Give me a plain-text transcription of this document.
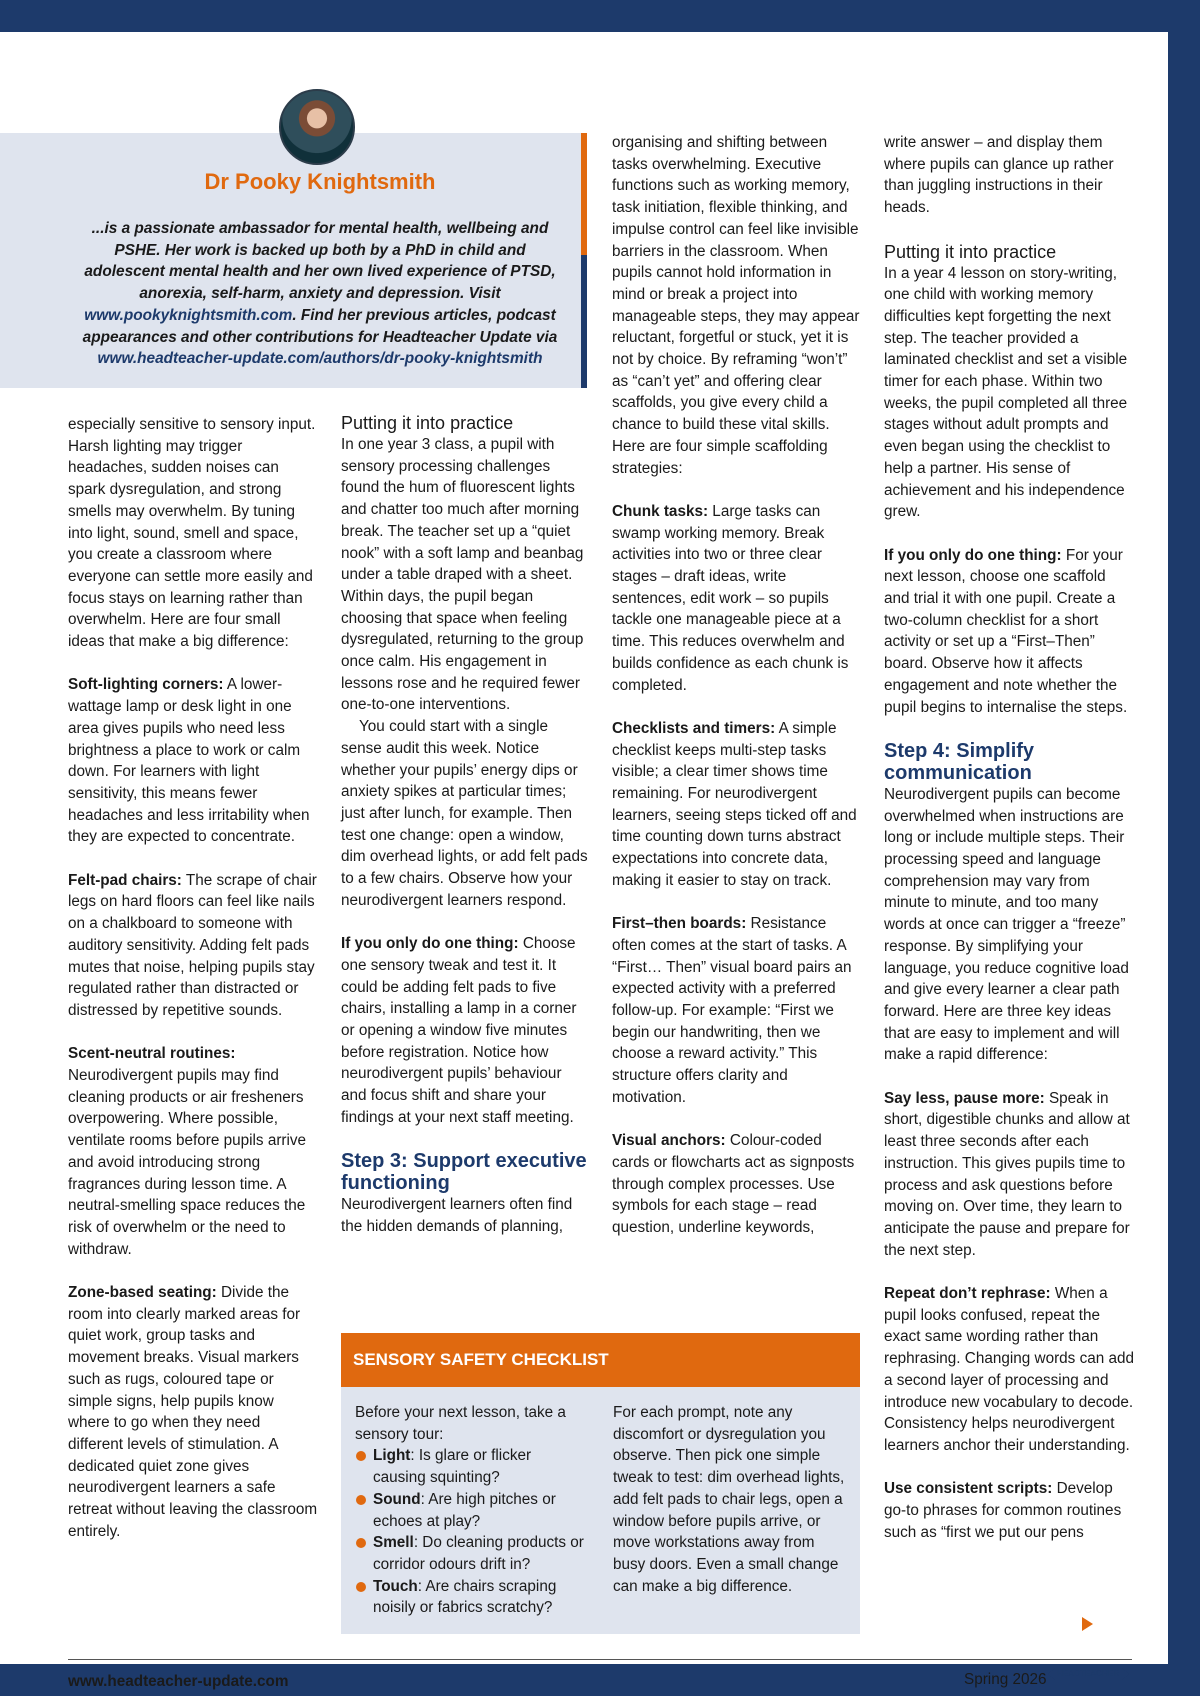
Dr Pooky Knightsmith
...is a passionate ambassador for mental health, wellbeing and PSHE. Her work is backed up both by a PhD in child and adolescent mental health and her own lived experience of PTSD, anorexia, self-harm, anxiety and depression. Visit www.pookyknightsmith.com. Find her previous articles, podcast appearances and other contributions for Headteacher Update via www.headteacher-update.com/authors/dr-pooky-knightsmith

especially sensitive to sensory input. Harsh lighting may trigger headaches, sudden noises can spark dysregulation, and strong smells may overwhelm. By tuning into light, sound, smell and space, you create a classroom where everyone can settle more easily and focus stays on learning rather than overwhelm. Here are four small ideas that make a big difference:

Soft-lighting corners: A lower-wattage lamp or desk light in one area gives pupils who need less brightness a place to work or calm down. For learners with light sensitivity, this means fewer headaches and less irritability when they are expected to concentrate.

Felt-pad chairs: The scrape of chair legs on hard floors can feel like nails on a chalkboard to someone with auditory sensitivity. Adding felt pads mutes that noise, helping pupils stay regulated rather than distracted or distressed by repetitive sounds.

Scent-neutral routines: Neurodivergent pupils may find cleaning products or air fresheners overpowering. Where possible, ventilate rooms before pupils arrive and avoid introducing strong fragrances during lesson time. A neutral-smelling space reduces the risk of overwhelm or the need to withdraw.

Zone-based seating: Divide the room into clearly marked areas for quiet work, group tasks and movement breaks. Visual markers such as rugs, coloured tape or simple signs, help pupils know where to go when they need different levels of stimulation. A dedicated quiet zone gives neurodivergent learners a safe retreat without leaving the classroom entirely.

Putting it into practice

In one year 3 class, a pupil with sensory processing challenges found the hum of fluorescent lights and chatter too much after morning break. The teacher set up a “quiet nook” with a soft lamp and beanbag under a table draped with a sheet. Within days, the pupil began choosing that space when feeling dysregulated, returning to the group once calm. His engagement in lessons rose and he required fewer one-to-one interventions.

You could start with a single sense audit this week. Notice whether your pupils’ energy dips or anxiety spikes at particular times; just after lunch, for example. Then test one change: open a window, dim overhead lights, or add felt pads to a few chairs. Observe how your neurodivergent learners respond.

If you only do one thing: Choose one sensory tweak and test it. It could be adding felt pads to five chairs, installing a lamp in a corner or opening a window five minutes before registration. Notice how neurodivergent pupils’ behaviour and focus shift and share your findings at your next staff meeting.

Step 3: Support executive functioning

Neurodivergent learners often find the hidden demands of planning,

organising and shifting between tasks overwhelming. Executive functions such as working memory, task initiation, flexible thinking, and impulse control can feel like invisible barriers in the classroom. When pupils cannot hold information in mind or break a project into manageable steps, they may appear reluctant, forgetful or stuck, yet it is not by choice. By reframing “won’t” as “can’t yet” and offering clear scaffolds, you give every child a chance to build these vital skills. Here are four simple scaffolding strategies:

Chunk tasks: Large tasks can swamp working memory. Break activities into two or three clear stages – draft ideas, write sentences, edit work – so pupils tackle one manageable piece at a time. This reduces overwhelm and builds confidence as each chunk is completed.

Checklists and timers: A simple checklist keeps multi-step tasks visible; a clear timer shows time remaining. For neurodivergent learners, seeing steps ticked off and time counting down turns abstract expectations into concrete data, making it easier to stay on track.

First–then boards: Resistance often comes at the start of tasks. A “First… Then” visual board pairs an expected activity with a preferred follow-up. For example: “First we begin our handwriting, then we choose a reward activity.” This structure offers clarity and motivation.

Visual anchors: Colour-coded cards or flowcharts act as signposts through complex processes. Use symbols for each stage – read question, underline keywords,

write answer – and display them where pupils can glance up rather than juggling instructions in their heads.

Putting it into practice

In a year 4 lesson on story-writing, one child with working memory difficulties kept forgetting the next step. The teacher provided a laminated checklist and set a visible timer for each phase. Within two weeks, the pupil completed all three stages without adult prompts and even began using the checklist to help a partner. His sense of achievement and his independence grew.

If you only do one thing: For your next lesson, choose one scaffold and trial it with one pupil. Create a two-column checklist for a short activity or set up a “First–Then” board. Observe how it affects engagement and note whether the pupil begins to internalise the steps.

Step 4: Simplify communication

Neurodivergent pupils can become overwhelmed when instructions are long or include multiple steps. Their processing speed and language comprehension may vary from minute to minute, and too many words at once can trigger a “freeze” response. By simplifying your language, you reduce cognitive load and give every learner a clear path forward. Here are three key ideas that are easy to implement and will make a rapid difference:

Say less, pause more: Speak in short, digestible chunks and allow at least three seconds after each instruction. This gives pupils time to process and ask questions before moving on. Over time, they learn to anticipate the pause and prepare for the next step.

Repeat don’t rephrase: When a pupil looks confused, repeat the exact same wording rather than rephrasing. Changing words can add a second layer of processing and introduce new vocabulary to decode. Consistency helps neurodivergent learners anchor their understanding.

Use consistent scripts: Develop go-to phrases for common routines such as “first we put our pens

SENSORY SAFETY CHECKLIST
Before your next lesson, take a sensory tour:
Light: Is glare or flicker causing squinting?
Sound: Are high pitches or echoes at play?
Smell: Do cleaning products or corridor odours drift in?
Touch: Are chairs scraping noisily or fabrics scratchy?
For each prompt, note any discomfort or dysregulation you observe. Then pick one simple tweak to test: dim overhead lights, add felt pads to chair legs, open a window before pupils arrive, or move workstations away from busy doors. Even a small change can make a big difference.
www.headteacher-update.com	Spring 2026 HEADTEACHER
